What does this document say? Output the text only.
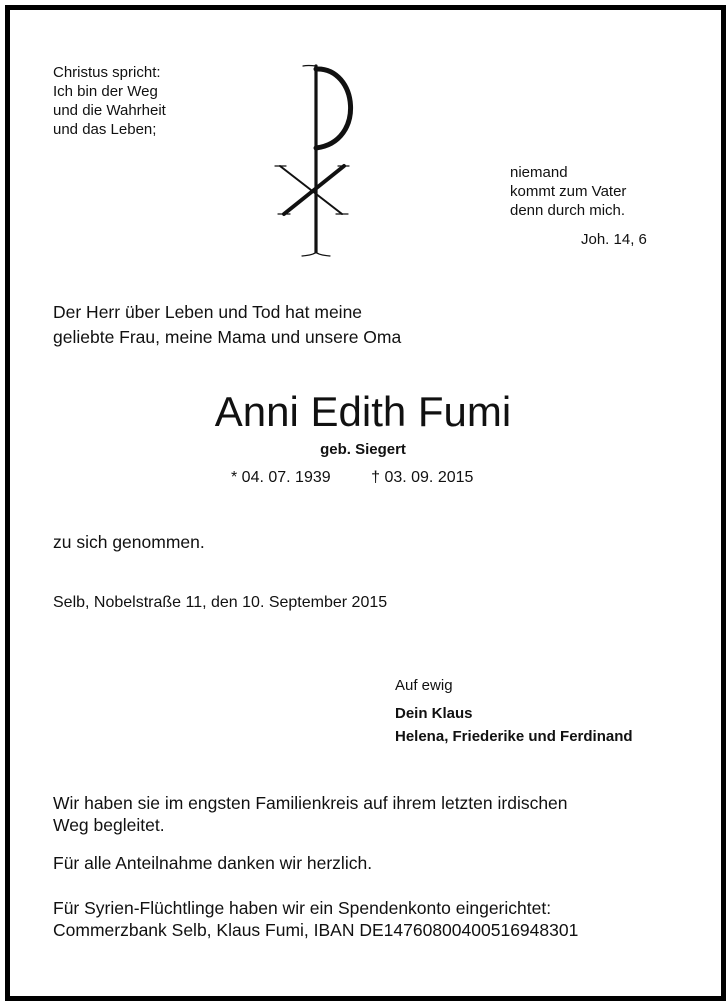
Christus spricht:
Ich bin der Weg
und die Wahrheit
und das Leben;
niemand
kommt zum Vater
denn durch mich.
Joh. 14, 6
Der Herr über Leben und Tod hat meine
geliebte Frau, meine Mama und unsere Oma
Anni Edith Fumi
geb. Siegert
* 04. 07. 1939	† 03. 09. 2015
zu sich genommen.
Selb, Nobelstraße 11, den 10. September 2015
Auf ewig
Dein Klaus
Helena, Friederike und Ferdinand
Wir haben sie im engsten Familienkreis auf ihrem letzten irdischen
Weg begleitet.
Für alle Anteilnahme danken wir herzlich.
Für Syrien-Flüchtlinge haben wir ein Spendenkonto eingerichtet:
Commerzbank Selb, Klaus Fumi, IBAN DE14760800400516948301
